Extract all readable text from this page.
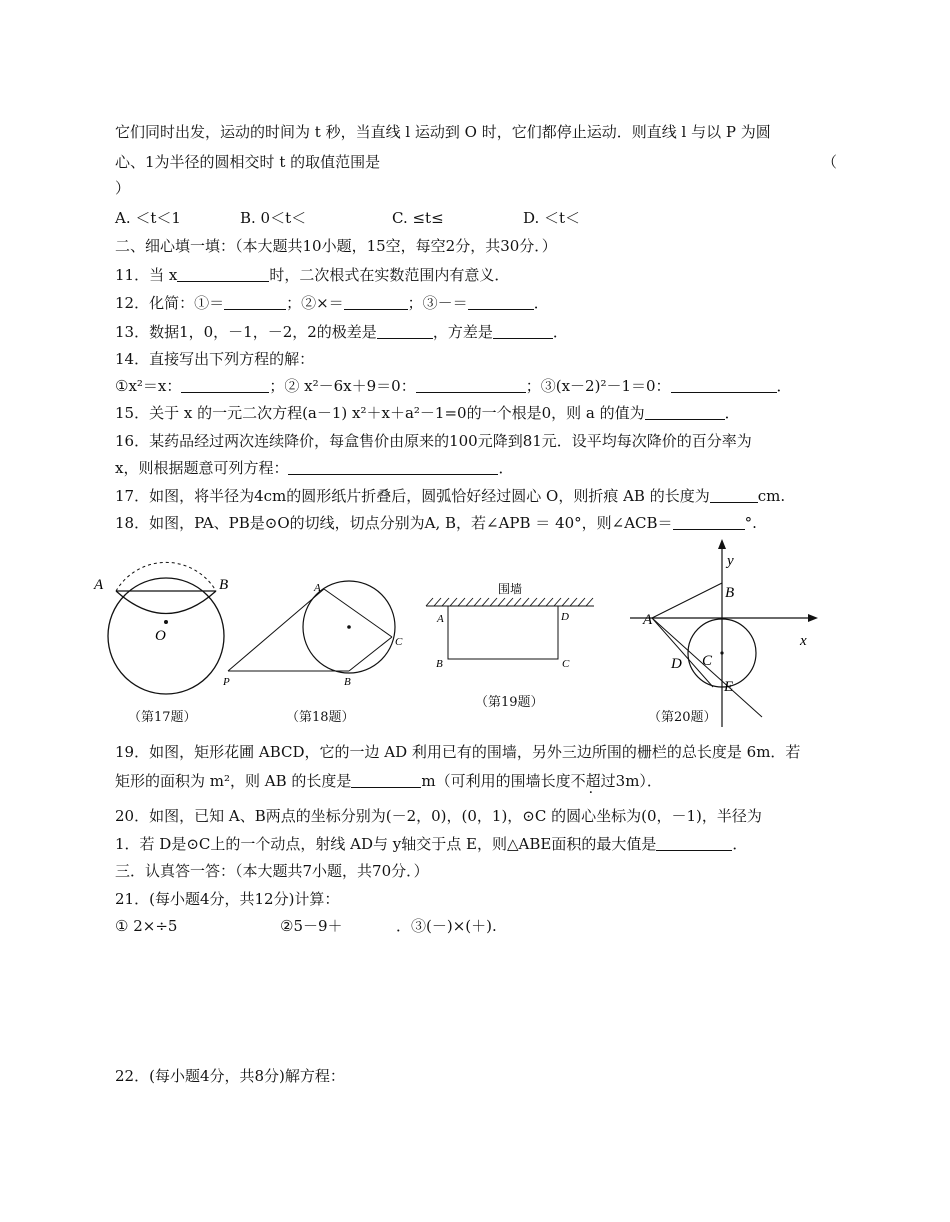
它们同时出发，运动的时间为 t 秒，当直线 l 运动到 O 时，它们都停止运动．则直线 l 与以 P 为圆
心、1为半径的圆相交时 t 的取值范围是	（
）
A. ＜t＜1	B. 0＜t＜	C. ≤t≤	D. ＜t＜
二、细心填一填：（本大题共10小题，15空，每空2分，共30分．）
11．当 x	时，二次根式在实数范围内有意义．
12．化简：①＝	；②×＝	；③－＝	．
13．数据1，0，－1，－2，2的极差是	，方差是	．
14．直接写出下列方程的解：
①x²＝x：	；② x²－6x＋9＝0：	；③(x－2)²－1＝0：	．
15．关于 x 的一元二次方程(a－1) x²＋x＋a²－1=0的一个根是0，则 a 的值为	．
16．某药品经过两次连续降价，每盒售价由原来的100元降到81元．设平均每次降价的百分率为
x，则根据题意可列方程：	．
17．如图，将半径为4cm的圆形纸片折叠后，圆弧恰好经过圆心 O，则折痕 AB 的长度为	cm.
18．如图，PA、PB是⊙O的切线，切点分别为A, B，若∠APB ＝ 40°，则∠ACB＝	°.
A	B
O
（第17题）
A
C
P	B
（第18题）
围墙
A	D
B	C
（第19题）
y
B
A
x
D C
E
（第20题）
19．如图，矩形花圃 ABCD，它的一边 AD 利用已有的围墙，另外三边所围的栅栏的总长度是 6m．若
矩形的面积为 m²，则 AB 的长度是	m（可利用的围墙长度不超过3m）．
20．如图，已知 A、B两点的坐标分别为(－2，0)，(0，1)，⊙C 的圆心坐标为(0，－1)，半径为
1．若 D是⊙C上的一个动点，射线 AD与 y轴交于点 E，则△ABE面积的最大值是	．
三．认真答一答：（本大题共7小题，共70分．）
21．(每小题4分，共12分)计算：
① 2×÷5	②5－9＋	．③(－)×(＋).
22．(每小题4分，共8分)解方程：
